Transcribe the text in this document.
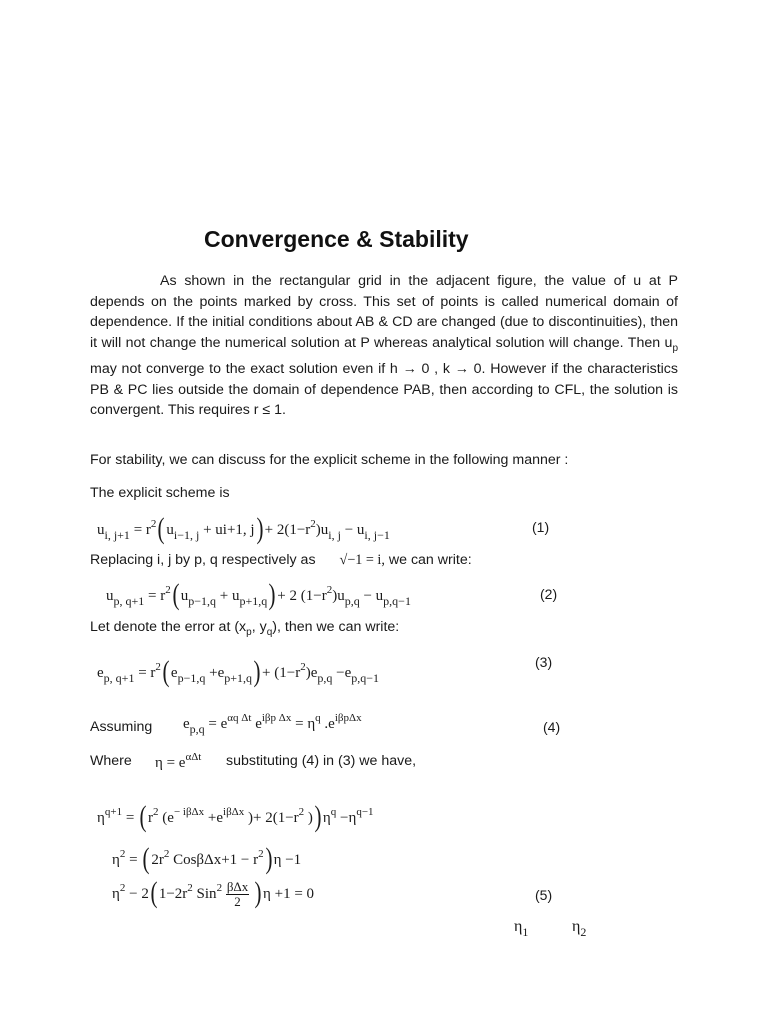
Convergence & Stability
As shown in the rectangular grid in the adjacent figure, the value of u at P depends on the points marked by cross. This set of points is called numerical domain of dependence. If the initial conditions about AB & CD are changed (due to discontinuities), then it will not change the numerical solution at P whereas analytical solution will change. Then $u_p$ may not converge to the exact solution even if h → 0 , k → 0. However if the characteristics PB & PC lies outside the domain of dependence PAB, then according to CFL, the solution is convergent. This requires r ≤ 1.
For stability, we can discuss for the explicit scheme in the following manner :
The explicit scheme is
$u_{i, j+1} = r^2$( $u_{i-1, j} + ui+1$, $j) + 2(1-r^2)u_{i, j} - u_{i, j-1}$	(1)
Replacing i, j by p, q respectively as √−1 = i, we can write:
$u_{p, q+1} = r^2$( $u_{p-1,q} + u_{p+1,q}) + 2$ $(1-r^2)u_{p,q} - u_{p,q-1}$	(2)
Let denote the error at ($x_p$, $y_q$), then we can write:
$e_{p, q+1} = r^2$( $e_{p-1,q} +e_{p+1,q}) + (1-r^2)e_{p,q} -e_{p,q-1}$
(3)
Assuming $e_{p,q} = e^{\alpha q \Delta t}$ $e^{i\beta p \Delta x} = \eta^q$ $.e^{i\beta p\Delta x}$
(4)
Where $\eta = e^{\alpha\Delta t}$ substituting (4) in (3) we have,
$\eta^{q+1}$ = ( $r^2$ ($e^{- i\beta\Delta x} +e^{i\beta\Delta x}$ )+ $2(1-r^2$ )) $\eta^q -\eta^{q-1}$
$\eta^2$ = ( $2r^2$ $Cos\beta\Delta x+1 - r^2$) η −1
$\eta^2 - 2$( $1-2r^2$ $Sin^2 \frac{\text{βΔx}}{2}$ ) η +1 = 0	(5)
$\eta_1$	$\eta_2$
